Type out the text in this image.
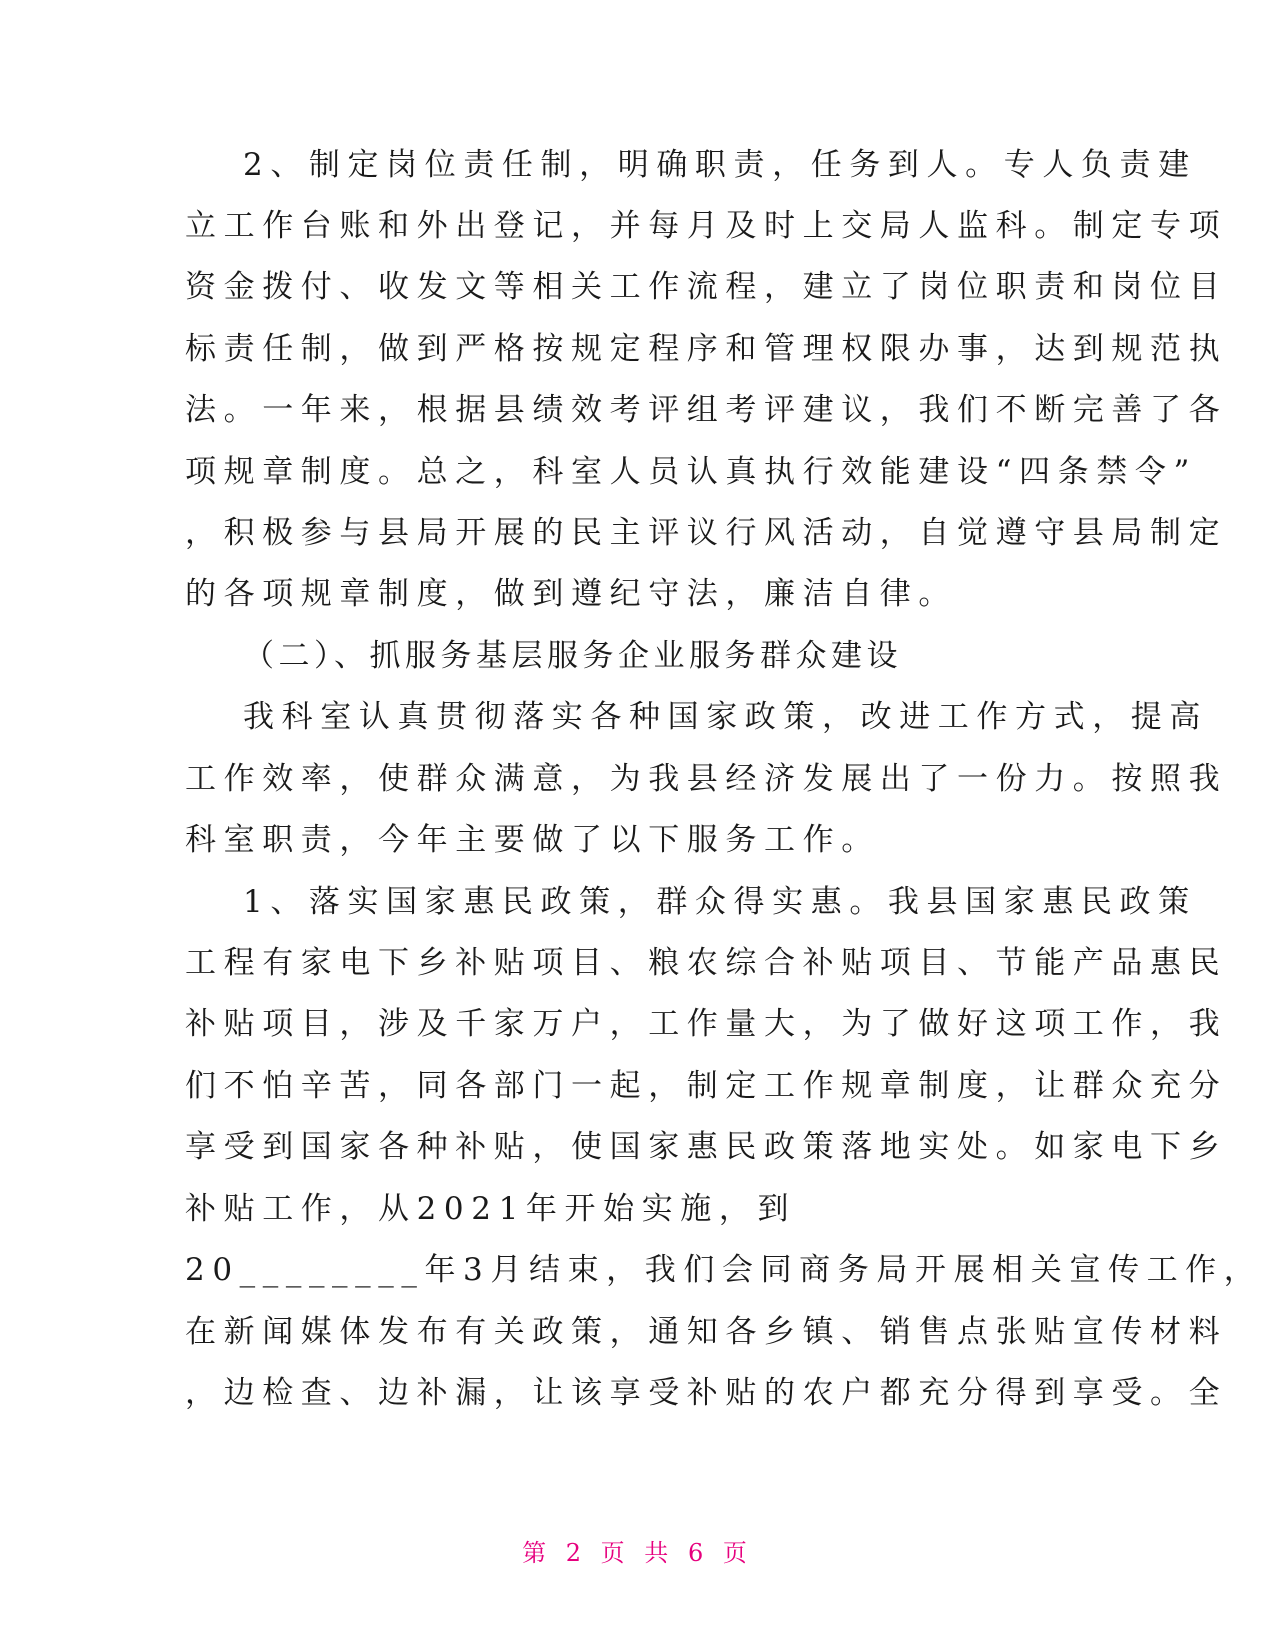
2、制定岗位责任制，明确职责，任务到人。专人负责建
立工作台账和外出登记，并每月及时上交局人监科。制定专项
资金拨付、收发文等相关工作流程，建立了岗位职责和岗位目
标责任制，做到严格按规定程序和管理权限办事，达到规范执
法。一年来，根据县绩效考评组考评建议，我们不断完善了各
项规章制度。总之，科室人员认真执行效能建设“四条禁令”
，积极参与县局开展的民主评议行风活动，自觉遵守县局制定
的各项规章制度，做到遵纪守法，廉洁自律。
（二）、抓服务基层服务企业服务群众建设
我科室认真贯彻落实各种国家政策，改进工作方式，提高
工作效率，使群众满意，为我县经济发展出了一份力。按照我
科室职责，今年主要做了以下服务工作。
1、落实国家惠民政策，群众得实惠。我县国家惠民政策
工程有家电下乡补贴项目、粮农综合补贴项目、节能产品惠民
补贴项目，涉及千家万户，工作量大，为了做好这项工作，我
们不怕辛苦，同各部门一起，制定工作规章制度，让群众充分
享受到国家各种补贴，使国家惠民政策落地实处。如家电下乡
补贴工作，从2021年开始实施，到
20________年3月结束，我们会同商务局开展相关宣传工作，
在新闻媒体发布有关政策，通知各乡镇、销售点张贴宣传材料
，边检查、边补漏，让该享受补贴的农户都充分得到享受。全
第 2 页 共 6 页
